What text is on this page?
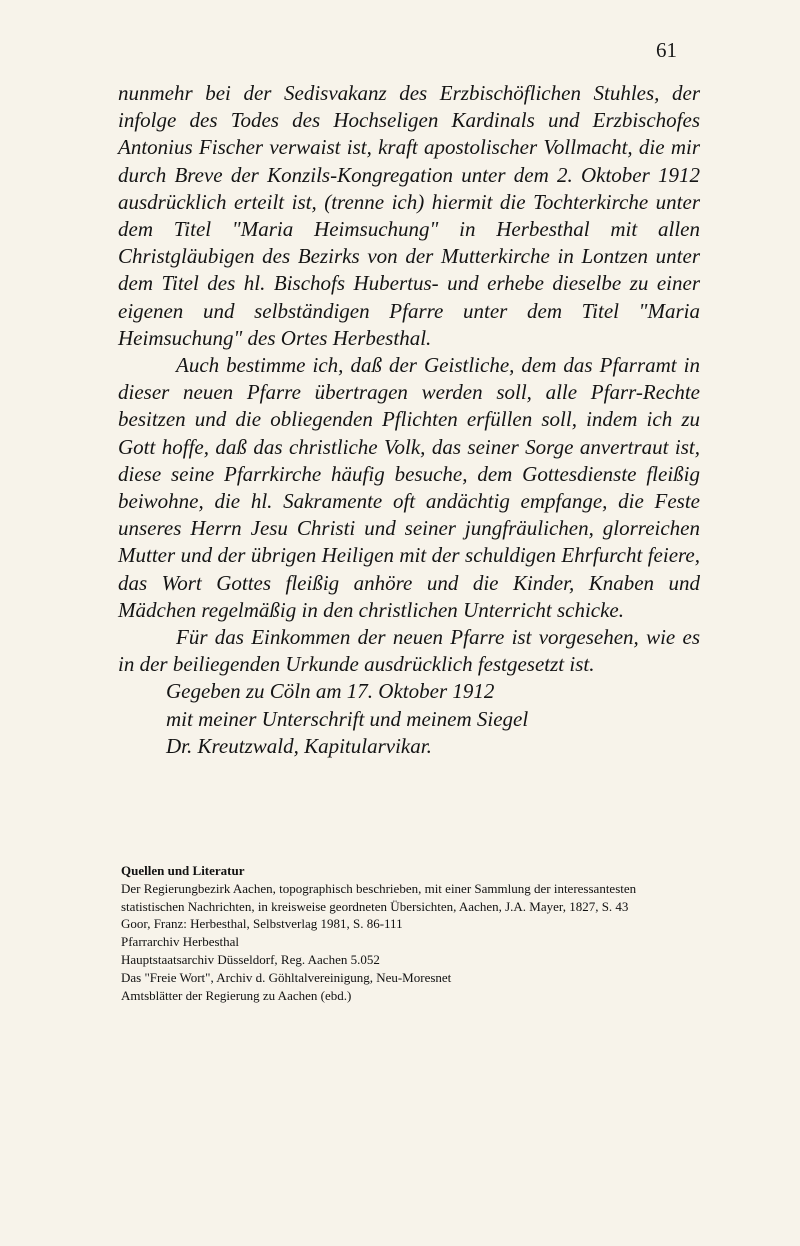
61

nunmehr bei der Sedisvakanz des Erzbischöflichen Stuhles, der infolge des Todes des Hochseligen Kardinals und Erzbischofes Antonius Fischer verwaist ist, kraft apostolischer Vollmacht, die mir durch Breve der Konzils-Kongregation unter dem 2. Oktober 1912 ausdrücklich erteilt ist, (trenne ich) hiermit die Tochterkirche unter dem Titel "Maria Heimsuchung" in Herbesthal mit allen Christgläubigen des Bezirks von der Mutterkirche in Lontzen unter dem Titel des hl. Bischofs Hubertus- und erhebe dieselbe zu einer eigenen und selbständigen Pfarre unter dem Titel "Maria Heimsuchung" des Ortes Herbesthal.

Auch bestimme ich, daß der Geistliche, dem das Pfarramt in dieser neuen Pfarre übertragen werden soll, alle Pfarr-Rechte besitzen und die obliegenden Pflichten erfüllen soll, indem ich zu Gott hoffe, daß das christliche Volk, das seiner Sorge anvertraut ist, diese seine Pfarrkirche häufig besuche, dem Gottesdienste fleißig beiwohne, die hl. Sakramente oft andächtig empfange, die Feste unseres Herrn Jesu Christi und seiner jungfräulichen, glorreichen Mutter und der übrigen Heiligen mit der schuldigen Ehrfurcht feiere, das Wort Gottes fleißig anhöre und die Kinder, Knaben und Mädchen regelmäßig in den christlichen Unterricht schicke.

Für das Einkommen der neuen Pfarre ist vorgesehen, wie es in der beiliegenden Urkunde ausdrücklich festgesetzt ist.

Gegeben zu Cöln am 17. Oktober 1912
mit meiner Unterschrift und meinem Siegel
Dr. Kreutzwald, Kapitularvikar.
Quellen und Literatur

Der Regierungbezirk Aachen, topographisch beschrieben, mit einer Sammlung der interessantesten statistischen Nachrichten, in kreisweise geordneten Übersichten, Aachen, J.A. Mayer, 1827, S. 43

Goor, Franz: Herbesthal, Selbstverlag 1981, S. 86-111

Pfarrarchiv Herbesthal

Hauptstaatsarchiv Düsseldorf, Reg. Aachen 5.052

Das "Freie Wort", Archiv d. Göhltalvereinigung, Neu-Moresnet

Amtsblätter der Regierung zu Aachen (ebd.)
